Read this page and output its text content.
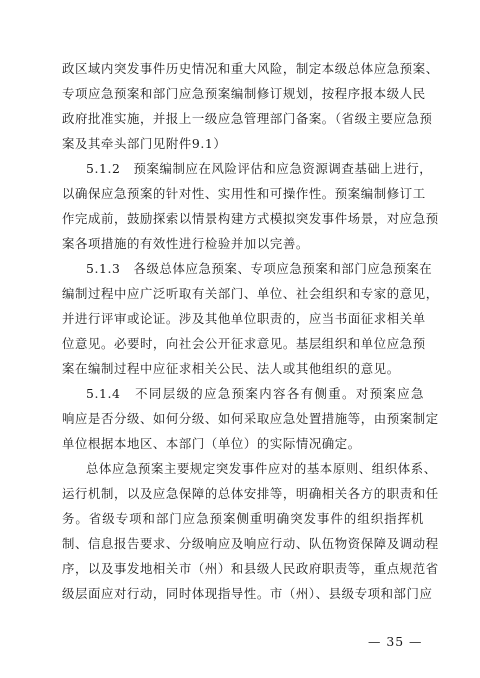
政区域内突发事件历史情况和重大风险，制定本级总体应急预案、
专项应急预案和部门应急预案编制修订规划，按程序报本级人民
政府批准实施，并报上一级应急管理部门备案。（省级主要应急预
案及其牵头部门见附件9.1）
5.1.2　预案编制应在风险评估和应急资源调查基础上进行，
以确保应急预案的针对性、实用性和可操作性。预案编制修订工
作完成前，鼓励探索以情景构建方式模拟突发事件场景，对应急预
案各项措施的有效性进行检验并加以完善。
5.1.3　各级总体应急预案、专项应急预案和部门应急预案在
编制过程中应广泛听取有关部门、单位、社会组织和专家的意见，
并进行评审或论证。涉及其他单位职责的，应当书面征求相关单
位意见。必要时，向社会公开征求意见。基层组织和单位应急预
案在编制过程中应征求相关公民、法人或其他组织的意见。
5.1.4　不同层级的应急预案内容各有侧重。对预案应急
响应是否分级、如何分级、如何采取应急处置措施等，由预案制定
单位根据本地区、本部门（单位）的实际情况确定。
总体应急预案主要规定突发事件应对的基本原则、组织体系、
运行机制，以及应急保障的总体安排等，明确相关各方的职责和任
务。省级专项和部门应急预案侧重明确突发事件的组织指挥机
制、信息报告要求、分级响应及响应行动、队伍物资保障及调动程
序，以及事发地相关市（州）和县级人民政府职责等，重点规范省
级层面应对行动，同时体现指导性。市（州）、县级专项和部门应
— 35 —
